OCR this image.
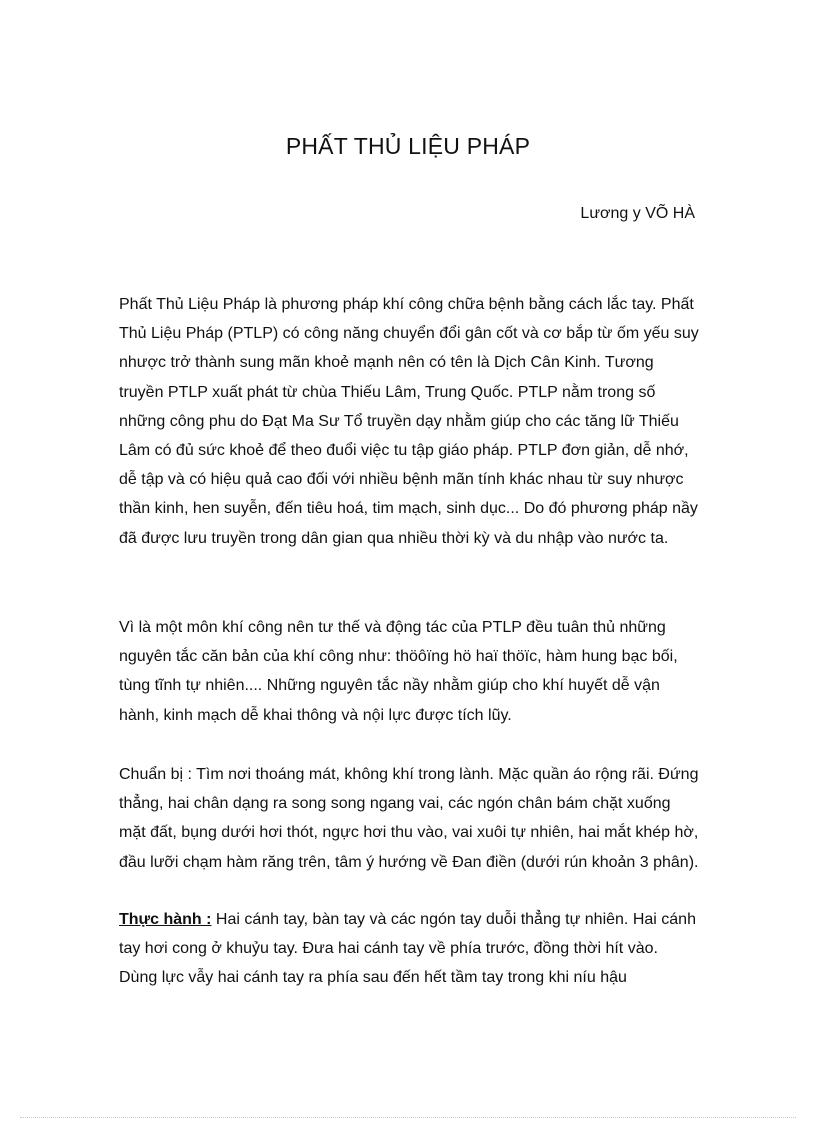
PHẤT THỦ LIỆU PHÁP
Lương y VÕ HÀ

Phất Thủ Liệu Pháp là phương pháp khí công chữa bệnh bằng cách lắc tay. Phất Thủ Liệu Pháp (PTLP) có công năng chuyển đổi gân cốt và cơ bắp từ ốm yếu suy nhược trở thành sung mãn khoẻ mạnh nên có tên là Dịch Cân Kinh. Tương truyền PTLP xuất phát từ chùa Thiếu Lâm, Trung Quốc. PTLP nằm trong số những công phu do Đạt Ma Sư Tổ truyền dạy nhằm giúp cho các tăng lữ Thiếu Lâm có đủ sức khoẻ để theo đuổi việc tu tập giáo pháp. PTLP đơn giản, dễ nhớ, dễ tập và có hiệu quả cao đối với nhiều bệnh mãn tính khác nhau từ suy nhược thần kinh, hen suyễn, đến tiêu hoá, tim mạch, sinh dục... Do đó phương pháp nầy đã được lưu truyền trong dân gian qua nhiều thời kỳ và du nhập vào nước ta.

Vì là một môn khí công nên tư thế và động tác của PTLP đều tuân thủ những nguyên tắc căn bản của khí công như: thöôïng hö haï thöïc, hàm hung bạc bối, tùng tĩnh tự nhiên.... Những nguyên tắc nầy nhằm giúp cho khí huyết dễ vận hành, kinh mạch dễ khai thông và nội lực được tích lũy.

Chuẩn bị : Tìm nơi thoáng mát, không khí trong lành. Mặc quần áo rộng rãi. Đứng thẳng, hai chân dạng ra song song ngang vai, các ngón chân bám chặt xuống mặt đất, bụng dưới hơi thót, ngực hơi thu vào, vai xuôi tự nhiên, hai mắt khép hờ, đầu lưỡi chạm hàm răng trên, tâm ý hướng về Đan điền (dưới rún khoản 3 phân).

Thực hành : Hai cánh tay, bàn tay và các ngón tay duỗi thẳng tự nhiên. Hai cánh tay hơi cong ở khuỷu tay. Đưa hai cánh tay về phía trước, đồng thời hít vào. Dùng lực vẫy hai cánh tay ra phía sau đến hết tầm tay trong khi níu hậu
